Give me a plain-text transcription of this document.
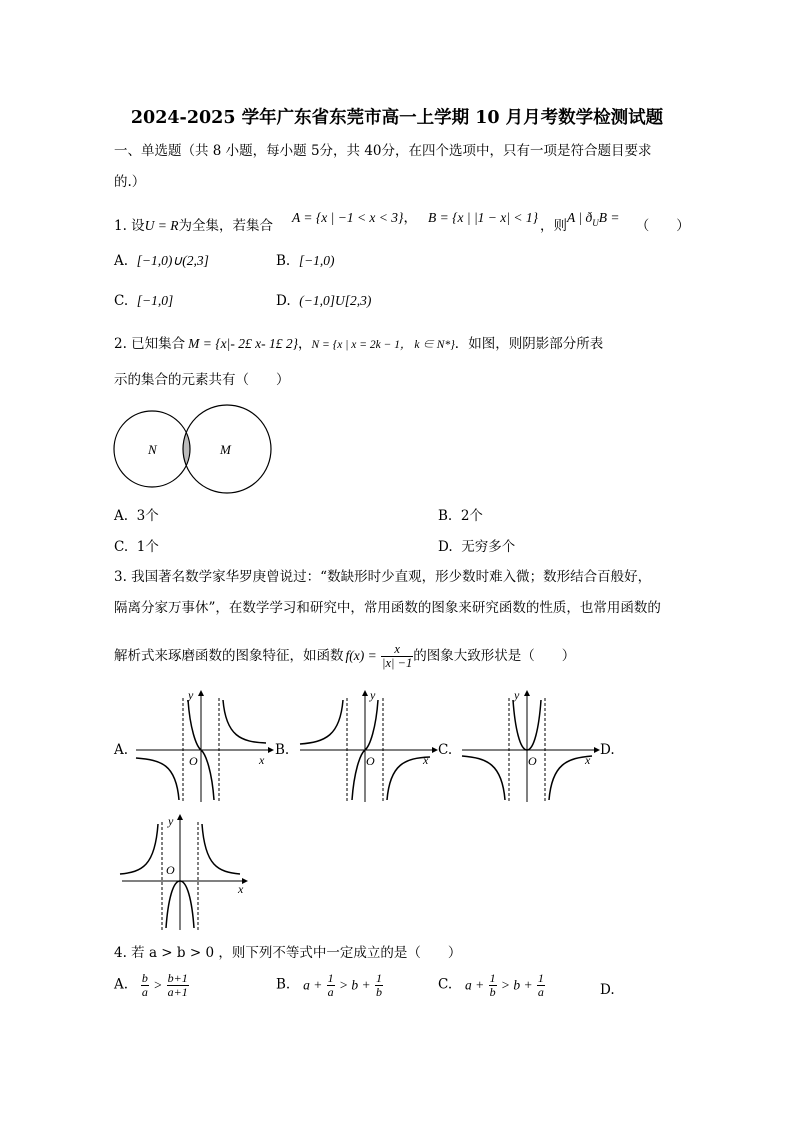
2024-2025 学年广东省东莞市高一上学期 10 月月考数学检测试题
一、单选题（共 8 小题，每小题 5分，共 40分，在四个选项中，只有一项是符合题目要求
的.）
1. 设U = R为全集，若集合
A = {x | −1 < x < 3}， B = {x | |1 − x| < 1}
，则A | $ð_UB$ = （　　）
A. [−1,0)∪(2,3]	B. [−1,0)
C. [−1,0]	D. (−1,0]U[2,3)
2. 已知集合 M = {x|- 2£ x- 1£ 2}，N = {x | x = 2k − 1， k ∈ N*}．如图，则阴影部分所表
示的集合的元素共有（　　）
N	M
A. 3个	B. 2个
C. 1个	D. 无穷多个
3. 我国著名数学家华罗庚曾说过：“数缺形时少直观，形少数时难入微；数形结合百般好，
隔离分家万事休”，在数学学习和研究中，常用函数的图象来研究函数的性质，也常用函数的
解析式来琢磨函数的图象特征，如函数 $f(x) = \frac{x}{|x| -1}$ 的图象大致形状是（　　）
A.	B.	C.	D.
x
y
O	x
y
O	x
y
O
x
y
O
4. 若 a > b > 0 ，则下列不等式中一定成立的是（　　）
A. $\frac{b}{a} > \frac{b+1}{a+1}$	B. $a + \frac{1}{a} > b + \frac{1}{b}$	C. $a + \frac{1}{b} > b + \frac{1}{a}$	D.
